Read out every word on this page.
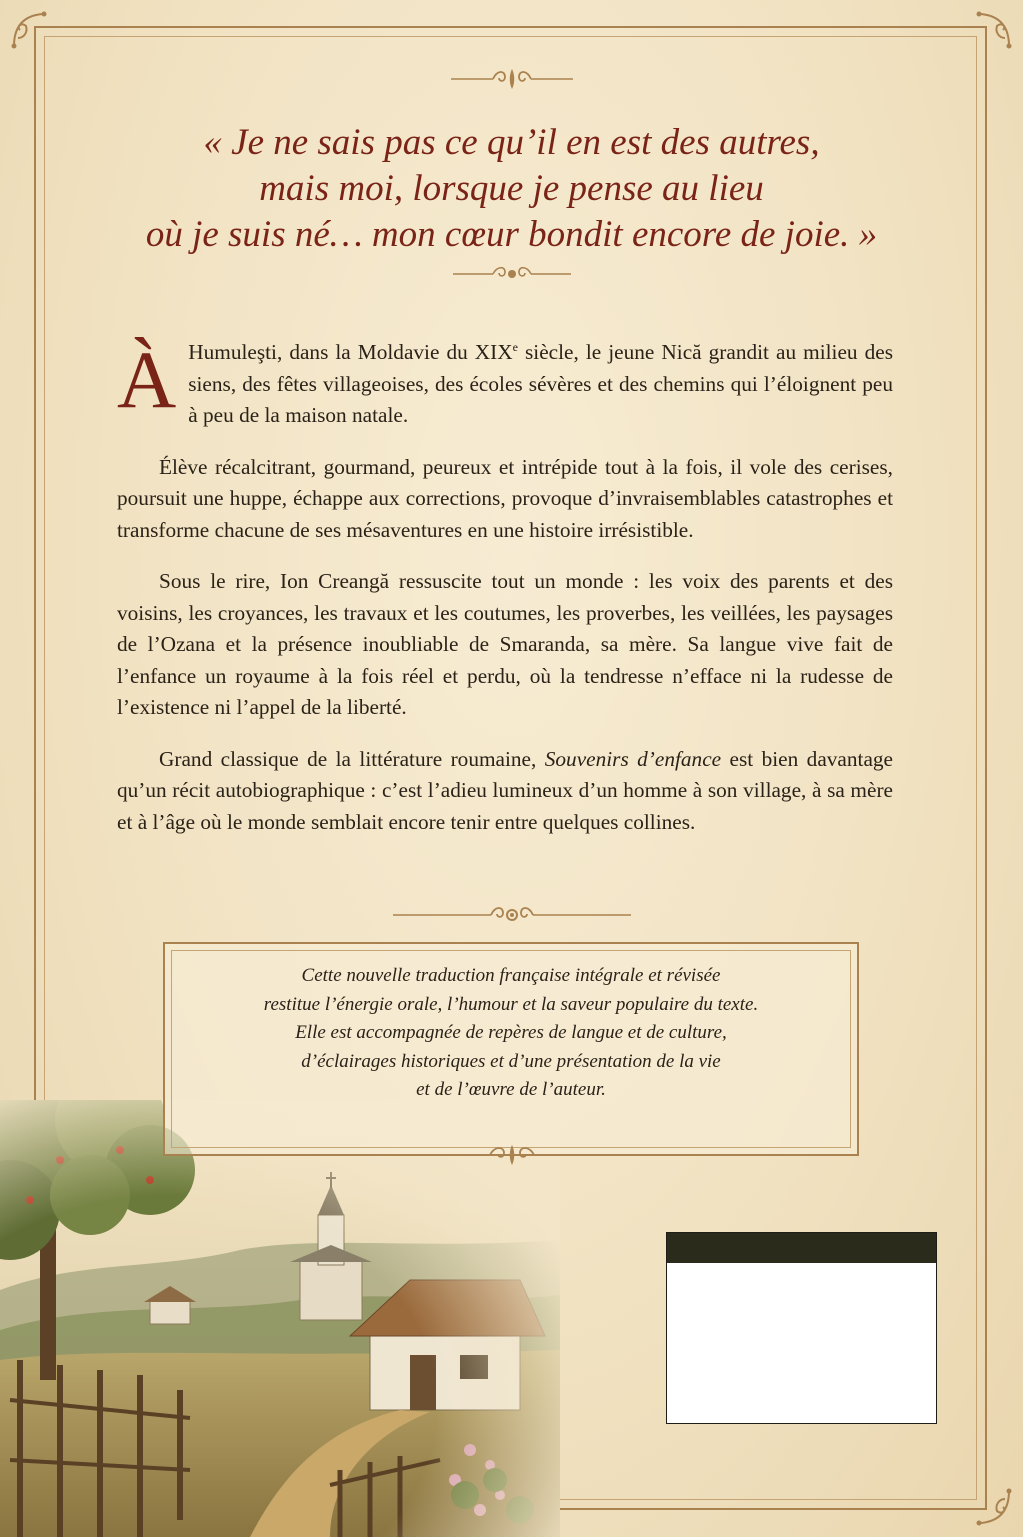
« Je ne sais pas ce qu’il en est des autres,
mais moi, lorsque je pense au lieu
où je suis né… mon cœur bondit encore de joie. »

À Humuleşti, dans la Moldavie du XIXe siècle, le jeune Nică grandit au milieu des siens, des fêtes villageoises, des écoles sévères et des chemins qui l’éloignent peu à peu de la maison natale.

Élève récalcitrant, gourmand, peureux et intrépide tout à la fois, il vole des cerises, poursuit une huppe, échappe aux corrections, provoque d’invraisemblables catastrophes et transforme chacune de ses mésaventures en une histoire irrésistible.

Sous le rire, Ion Creangă ressuscite tout un monde : les voix des parents et des voisins, les croyances, les travaux et les coutumes, les proverbes, les veillées, les paysages de l’Ozana et la présence inoubliable de Smaranda, sa mère. Sa langue vive fait de l’enfance un royaume à la fois réel et perdu, où la tendresse n’efface ni la rudesse de l’existence ni l’appel de la liberté.

Grand classique de la littérature roumaine, Souvenirs d’enfance est bien davantage qu’un récit autobiographique : c’est l’adieu lumineux d’un homme à son village, à sa mère et à l’âge où le monde semblait encore tenir entre quelques collines.

Cette nouvelle traduction française intégrale et révisée
restitue l’énergie orale, l’humour et la saveur populaire du texte.
Elle est accompagnée de repères de langue et de culture,
d’éclairages historiques et d’une présentation de la vie
et de l’œuvre de l’auteur.
